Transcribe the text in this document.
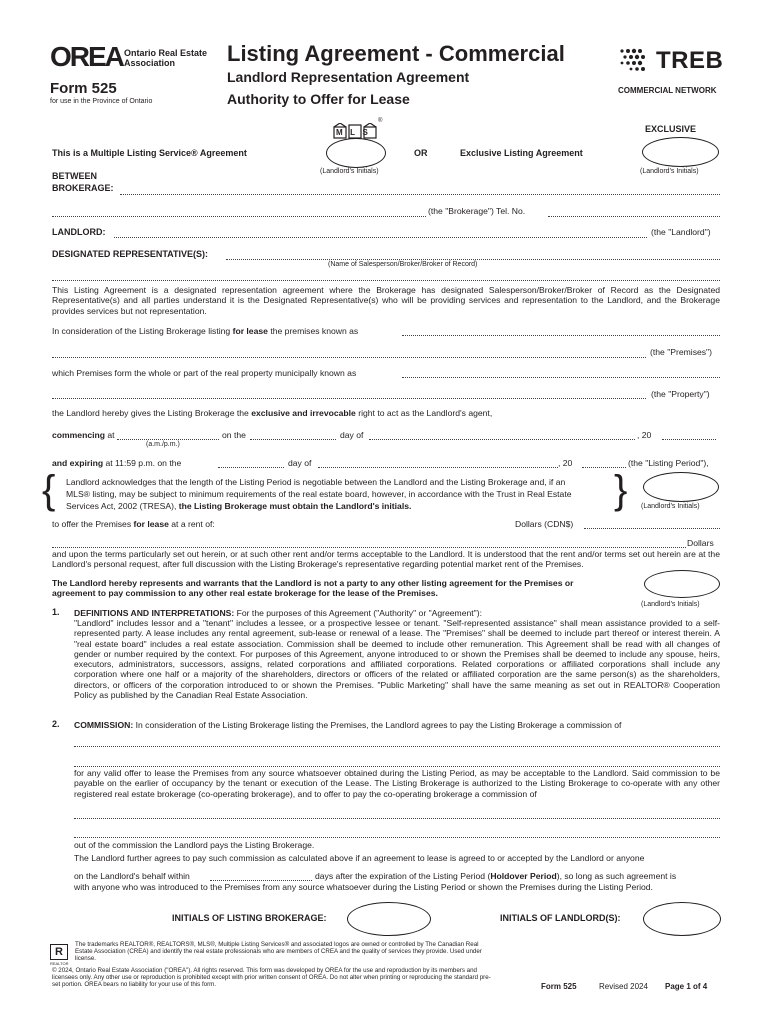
OREA Ontario Real Estate
Association
Form 525
for use in the Province of Ontario
Listing Agreement - Commercial
Landlord Representation Agreement
Authority to Offer for Lease
TREB
COMMERCIAL NETWORK
MLS
®
EXCLUSIVE
This is a Multiple Listing Service® Agreement	OR	Exclusive Listing Agreement
(Landlord's Initials)	(Landlord's Initials)
BETWEEN
BROKERAGE:
(the "Brokerage") Tel. No.
LANDLORD:	(the "Landlord")
DESIGNATED REPRESENTATIVE(S):
(Name of Salesperson/Broker/Broker of Record)
This Listing Agreement is a designated representation agreement where the Brokerage has designated Salesperson/Broker/Broker of Record as the Designated Representative(s) and all parties understand it is the Designated Representative(s) who will be providing services and representation to the Landlord, and the Brokerage provides services but not representation.
In consideration of the Listing Brokerage listing for lease the premises known as
(the "Premises")
which Premises form the whole or part of the real property municipally known as
(the "Property")
the Landlord hereby gives the Listing Brokerage the exclusive and irrevocable right to act as the Landlord's agent,
commencing at	on the	day of	, 20
(a.m./p.m.)
and expiring at 11:59 p.m. on the	day of	, 20	(the "Listing Period"),
{	}
Landlord acknowledges that the length of the Listing Period is negotiable between the Landlord and the Listing Brokerage and, if an
MLS® listing, may be subject to minimum requirements of the real estate board, however, in accordance with the Trust in Real Estate
Services Act, 2002 (TRESA), the Listing Brokerage must obtain the Landlord's initials.	(Landlord's Initials)
to offer the Premises for lease at a rent of:	Dollars (CDN$)
Dollars
and upon the terms particularly set out herein, or at such other rent and/or terms acceptable to the Landlord. It is understood that the rent and/or terms set out herein are at the Landlord's personal request, after full discussion with the Listing Brokerage's representative regarding potential market rent of the Premises.
The Landlord hereby represents and warrants that the Landlord is not a party to any other listing agreement for the Premises or agreement to pay commission to any other real estate brokerage for the lease of the Premises.
(Landlord's Initials)
1. DEFINITIONS AND INTERPRETATIONS: For the purposes of this Agreement ("Authority" or "Agreement"):
"Landlord" includes lessor and a "tenant" includes a lessee, or a prospective lessee or tenant. "Self-represented assistance" shall mean assistance provided to a self-represented party. A lease includes any rental agreement, sub-lease or renewal of a lease. The "Premises" shall be deemed to include part thereof or interest therein. A "real estate board" includes a real estate association. Commission shall be deemed to include other remuneration. This Agreement shall be read with all changes of gender or number required by the context. For purposes of this Agreement, anyone introduced to or shown the Premises shall be deemed to include any spouse, heirs, executors, administrators, successors, assigns, related corporations and affiliated corporations. Related corporations or affiliated corporations shall include any corporation where one half or a majority of the shareholders, directors or officers of the related or affiliated corporation are the same person(s) as the shareholders, directors, or officers of the corporation introduced to or shown the Premises. "Public Marketing" shall have the same meaning as set out in REALTOR® Cooperation Policy as published by the Canadian Real Estate Association.
2. COMMISSION: In consideration of the Listing Brokerage listing the Premises, the Landlord agrees to pay the Listing Brokerage a commission of
for any valid offer to lease the Premises from any source whatsoever obtained during the Listing Period, as may be acceptable to the Landlord. Said commission to be payable on the earlier of occupancy by the tenant or execution of the Lease. The Listing Brokerage is authorized to the Listing Brokerage to co-operate with any other registered real estate brokerage (co-operating brokerage), and to offer to pay the co-operating brokerage a commission of
out of the commission the Landlord pays the Listing Brokerage.
The Landlord further agrees to pay such commission as calculated above if an agreement to lease is agreed to or accepted by the Landlord or anyone
on the Landlord's behalf within	days after the expiration of the Listing Period (Holdover Period), so long as such agreement is
with anyone who was introduced to the Premises from any source whatsoever during the Listing Period or shown the Premises during the Listing Period.
INITIALS OF LISTING BROKERAGE:	INITIALS OF LANDLORD(S):
R
REALTOR
The trademarks REALTOR®, REALTORS®, MLS®, Multiple Listing Services® and associated logos are owned or controlled by The Canadian Real Estate Association (CREA) and identify the real estate professionals who are members of CREA and the quality of services they provide. Used under license.
© 2024, Ontario Real Estate Association ("OREA"). All rights reserved. This form was developed by OREA for the use and reproduction by its members and licensees only. Any other use or reproduction is prohibited except with prior written consent of OREA. Do not alter when printing or reproducing the standard pre-set portion. OREA bears no liability for your use of this form.	Form 525	Revised 2024 Page 1 of 4
